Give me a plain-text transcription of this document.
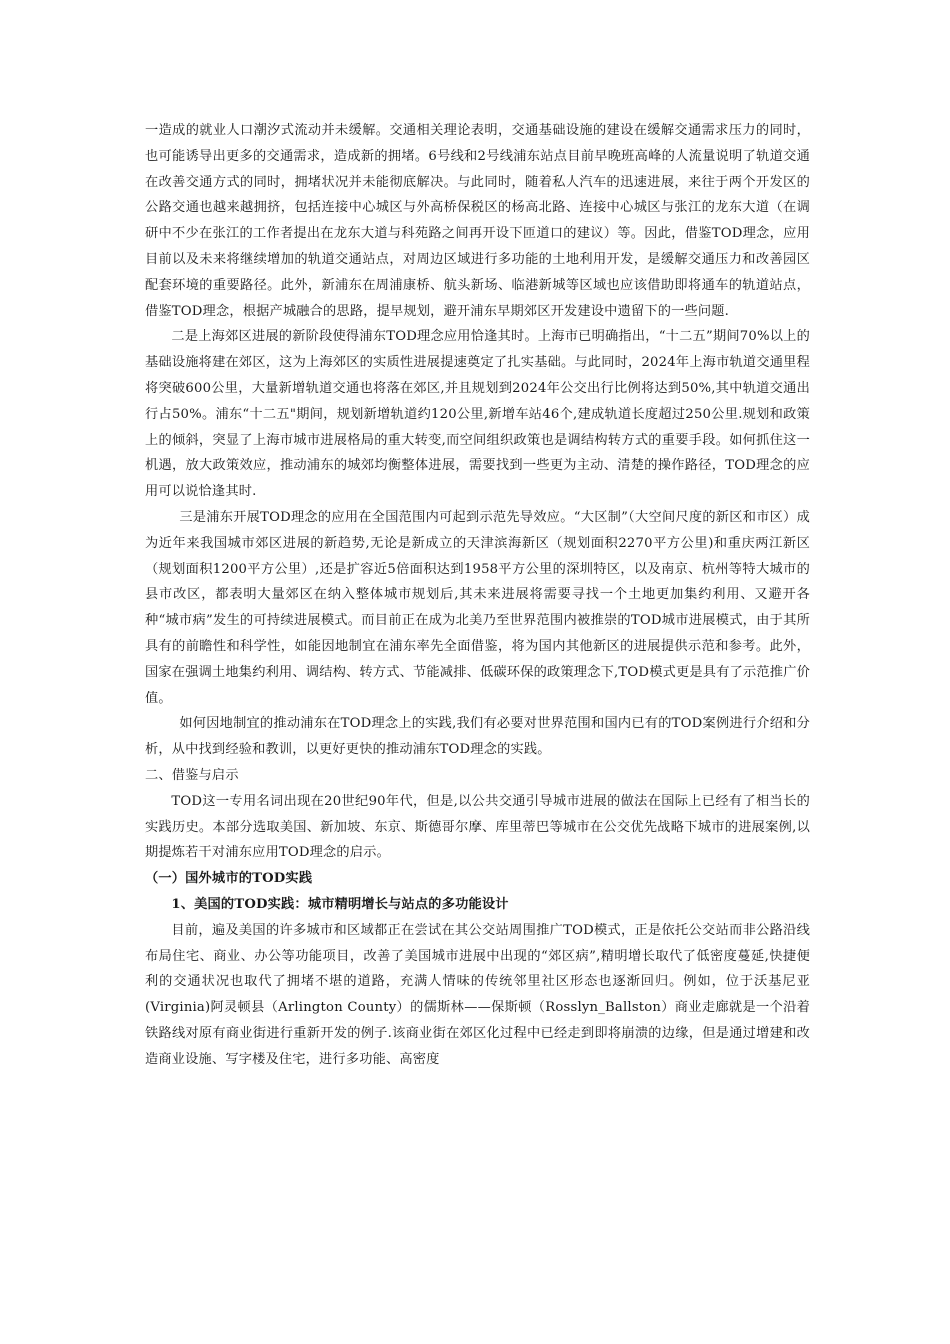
一造成的就业人口潮汐式流动并未缓解。交通相关理论表明，交通基础设施的建设在缓解交通需求压力的同时，也可能诱导出更多的交通需求，造成新的拥堵。6号线和2号线浦东站点目前早晚班高峰的人流量说明了轨道交通在改善交通方式的同时，拥堵状况并未能彻底解决。与此同时，随着私人汽车的迅速进展，来往于两个开发区的公路交通也越来越拥挤，包括连接中心城区与外高桥保税区的杨高北路、连接中心城区与张江的龙东大道（在调研中不少在张江的工作者提出在龙东大道与科苑路之间再开设下匝道口的建议）等。因此，借鉴TOD理念，应用目前以及未来将继续增加的轨道交通站点，对周边区域进行多功能的土地利用开发，是缓解交通压力和改善园区配套环境的重要路径。此外，新浦东在周浦康桥、航头新场、临港新城等区域也应该借助即将通车的轨道站点，借鉴TOD理念，根据产城融合的思路，提早规划，避开浦东早期郊区开发建设中遗留下的一些问题.

二是上海郊区进展的新阶段使得浦东TOD理念应用恰逢其时。上海市已明确指出，“十二五”期间70%以上的基础设施将建在郊区，这为上海郊区的实质性进展提速奠定了扎实基础。与此同时，2024年上海市轨道交通里程将突破600公里，大量新增轨道交通也将落在郊区,并且规划到2024年公交出行比例将达到50%,其中轨道交通出行占50%。浦东“十二五"期间，规划新增轨道约120公里,新增车站46个,建成轨道长度超过250公里.规划和政策上的倾斜，突显了上海市城市进展格局的重大转变,而空间组织政策也是调结构转方式的重要手段。如何抓住这一机遇，放大政策效应，推动浦东的城郊均衡整体进展，需要找到一些更为主动、清楚的操作路径，TOD理念的应用可以说恰逢其时.

三是浦东开展TOD理念的应用在全国范围内可起到示范先导效应。“大区制”（大空间尺度的新区和市区）成为近年来我国城市郊区进展的新趋势,无论是新成立的天津滨海新区（规划面积2270平方公里)和重庆两江新区（规划面积1200平方公里）,还是扩容近5倍面积达到1958平方公里的深圳特区，以及南京、杭州等特大城市的县市改区，都表明大量郊区在纳入整体城市规划后,其未来进展将需要寻找一个土地更加集约利用、又避开各种“城市病”发生的可持续进展模式。而目前正在成为北美乃至世界范围内被推崇的TOD城市进展模式，由于其所具有的前瞻性和科学性，如能因地制宜在浦东率先全面借鉴，将为国内其他新区的进展提供示范和参考。此外，国家在强调土地集约利用、调结构、转方式、节能减排、低碳环保的政策理念下,TOD模式更是具有了示范推广价值。

如何因地制宜的推动浦东在TOD理念上的实践,我们有必要对世界范围和国内已有的TOD案例进行介绍和分析，从中找到经验和教训，以更好更快的推动浦东TOD理念的实践。

二、借鉴与启示

TOD这一专用名词出现在20世纪90年代，但是,以公共交通引导城市进展的做法在国际上已经有了相当长的实践历史。本部分选取美国、新加坡、东京、斯德哥尔摩、库里蒂巴等城市在公交优先战略下城市的进展案例,以期提炼若干对浦东应用TOD理念的启示。

（一）国外城市的TOD实践

1、美国的TOD实践：城市精明增长与站点的多功能设计

目前，遍及美国的许多城市和区域都正在尝试在其公交站周围推广TOD模式，正是依托公交站而非公路沿线布局住宅、商业、办公等功能项目，改善了美国城市进展中出现的“郊区病”,精明增长取代了低密度蔓延,快捷便利的交通状况也取代了拥堵不堪的道路，充满人情味的传统邻里社区形态也逐渐回归。例如，位于沃基尼亚(Virginia)阿灵顿县（Arlington County）的儒斯林——保斯顿（Rosslyn_Ballston）商业走廊就是一个沿着铁路线对原有商业街进行重新开发的例子.该商业街在郊区化过程中已经走到即将崩溃的边缘，但是通过增建和改造商业设施、写字楼及住宅，进行多功能、高密度
